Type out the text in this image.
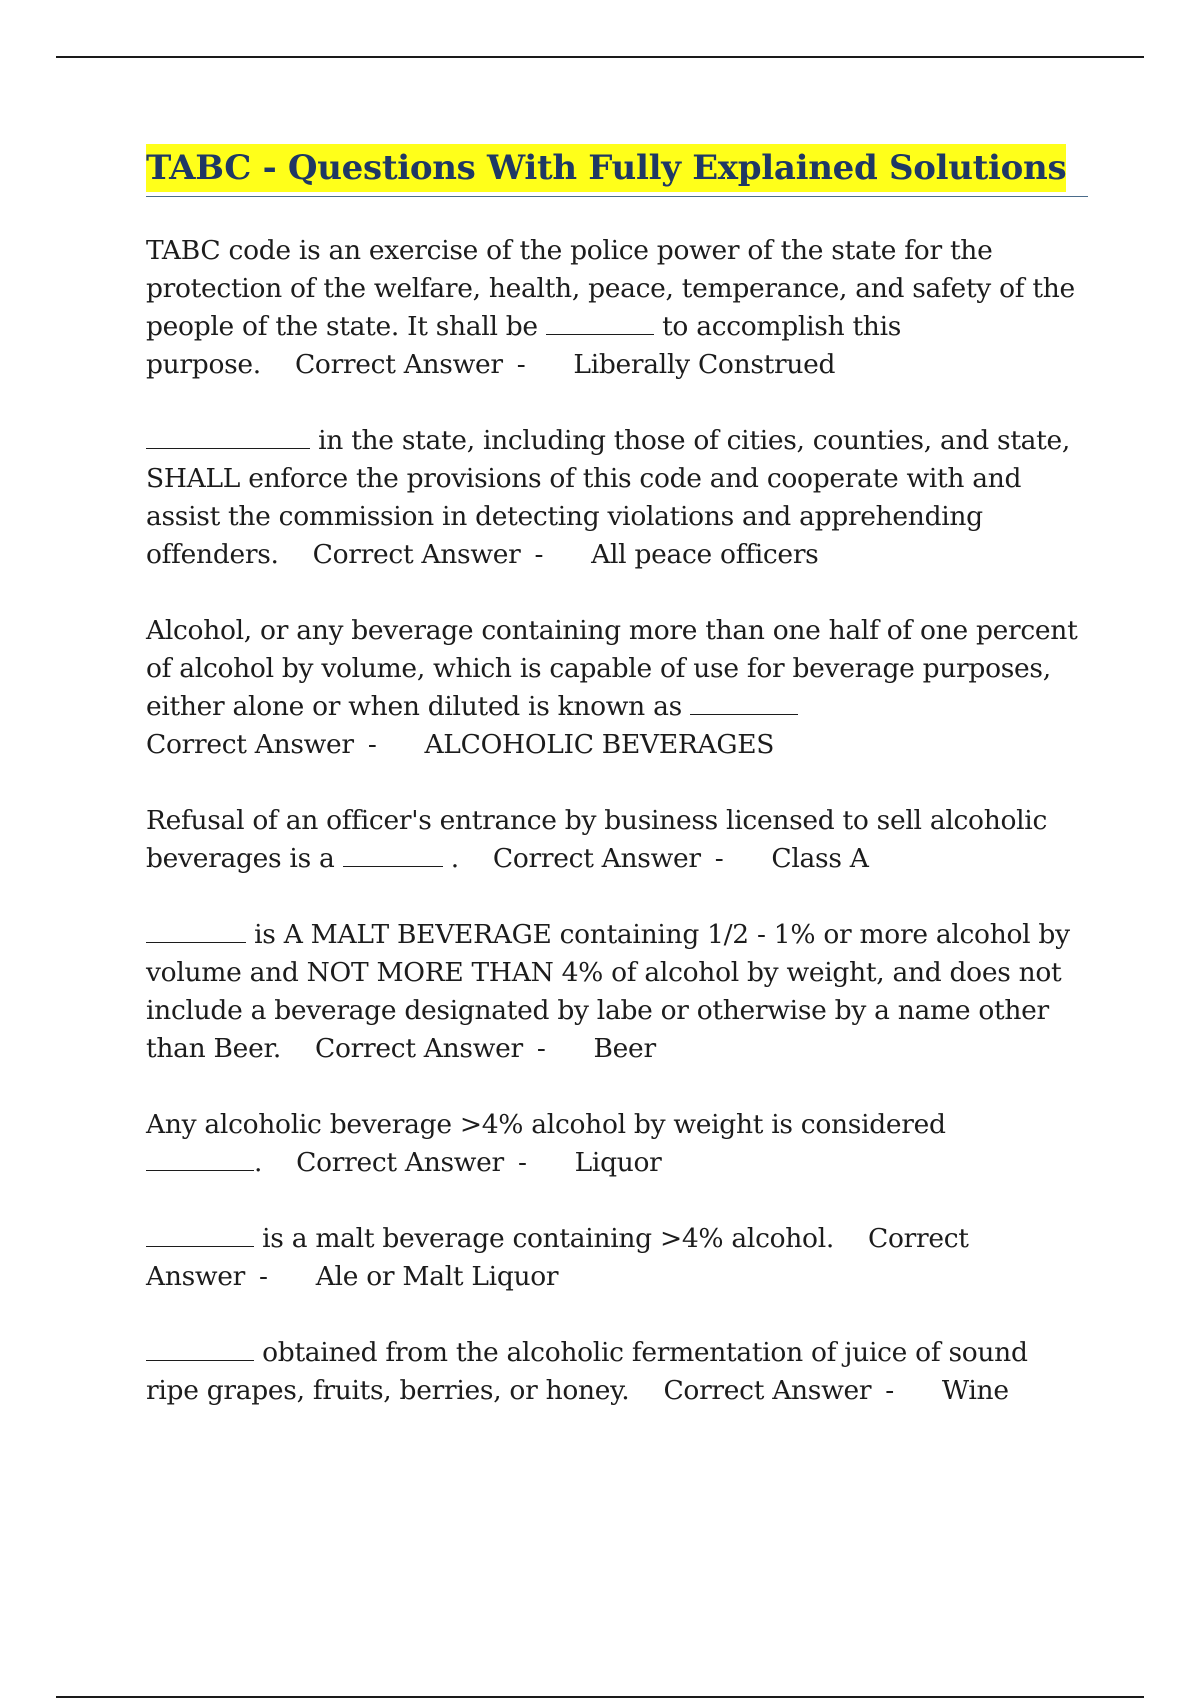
TABC - Questions With Fully Explained Solutions

TABC code is an exercise of the police power of the state for the protection of the welfare, health, peace, temperance, and safety of the people of the state. It shall be	to accomplish this purpose. Correct Answer - Liberally Construed

in the state, including those of cities, counties, and state, SHALL enforce the provisions of this code and cooperate with and assist the commission in detecting violations and apprehending offenders. Correct Answer - All peace officers

Alcohol, or any beverage containing more than one half of one percent of alcohol by volume, which is capable of use for beverage purposes, either alone or when diluted is known as
Correct Answer - ALCOHOLIC BEVERAGES

Refusal of an officer's entrance by business licensed to sell alcoholic beverages is a	. Correct Answer - Class A

is A MALT BEVERAGE containing 1/2 - 1% or more alcohol by volume and NOT MORE THAN 4% of alcohol by weight, and does not include a beverage designated by labe or otherwise by a name other than Beer. Correct Answer - Beer

Any alcoholic beverage >4% alcohol by weight is considered
. Correct Answer - Liquor

is a malt beverage containing >4% alcohol. Correct Answer - Ale or Malt Liquor

obtained from the alcoholic fermentation of juice of sound ripe grapes, fruits, berries, or honey. Correct Answer - Wine
